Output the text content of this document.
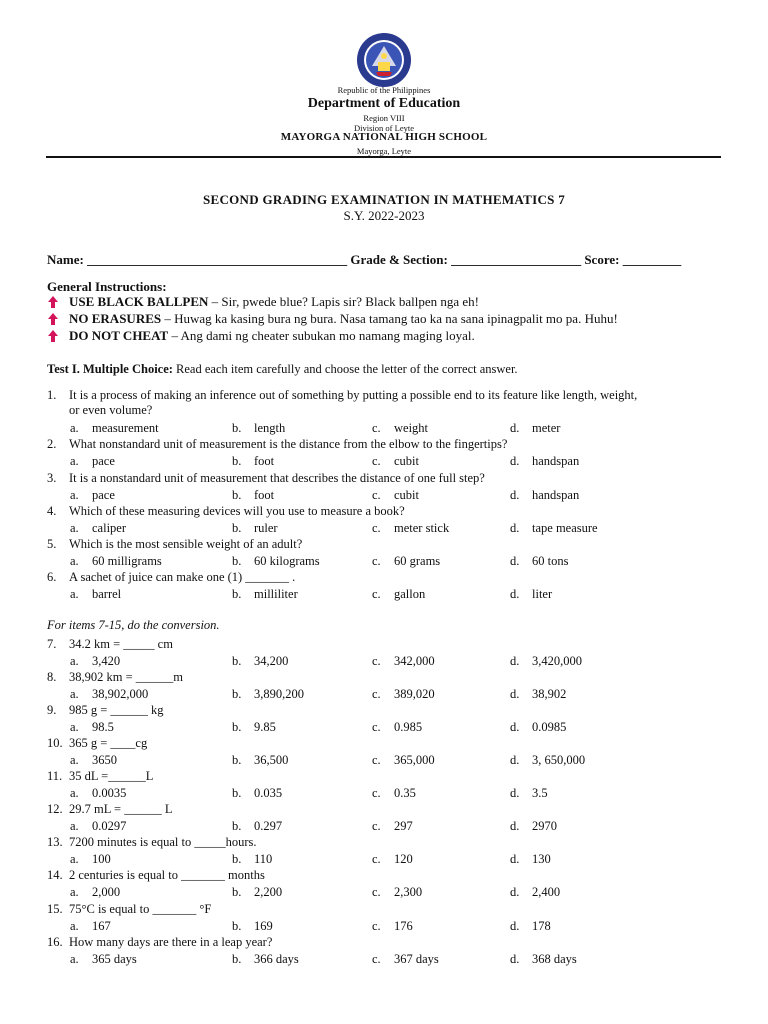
Republic of the Philippines
Department of Education
Region VIII
Division of Leyte
MAYORGA NATIONAL HIGH SCHOOL
Mayorga, Leyte
SECOND GRADING EXAMINATION IN MATHEMATICS 7
S.Y. 2022-2023
Name: ________________________________________ Grade & Section: ____________________ Score: _________
General Instructions:
USE BLACK BALLPEN – Sir, pwede blue? Lapis sir? Black ballpen nga eh!
NO ERASURES – Huwag ka kasing bura ng bura. Nasa tamang tao ka na sana ipinagpalit mo pa. Huhu!
DO NOT CHEAT – Ang dami ng cheater subukan mo namang maging loyal.
Test I. Multiple Choice: Read each item carefully and choose the letter of the correct answer.
For items 7-15, do the conversion.
1. It is a process of making an inference out of something by putting a possible end to its feature like length, weight,
or even volume?
a. measurement	b. length	c. weight	d. meter
2. What nonstandard unit of measurement is the distance from the elbow to the fingertips?
a. pace	b. foot	c. cubit	d. handspan
3. It is a nonstandard unit of measurement that describes the distance of one full step?
a. pace	b. foot	c. cubit	d. handspan
4. Which of these measuring devices will you use to measure a book?
a. caliper	b. ruler	c. meter stick	d. tape measure
5. Which is the most sensible weight of an adult?
a. 60 milligrams	b. 60 kilograms	c. 60 grams	d. 60 tons
6. A sachet of juice can make one (1) _______ .
a. barrel	b. milliliter	c. gallon	d. liter
7. 34.2 km = _____ cm
a. 3,420	b. 34,200	c. 342,000	d. 3,420,000
8. 38,902 km = ______m
a. 38,902,000	b. 3,890,200	c. 389,020	d. 38,902
9. 985 g = ______ kg
a. 98.5	b. 9.85	c. 0.985	d. 0.0985
10. 365 g = ____cg
a. 3650	b. 36,500	c. 365,000	d. 3, 650,000
11. 35 dL =______L
a. 0.0035	b. 0.035	c. 0.35	d. 3.5
12. 29.7 mL = ______ L
a. 0.0297	b. 0.297	c. 297	d. 2970
13. 7200 minutes is equal to _____hours.
a. 100	b. 110	c. 120	d. 130
14. 2 centuries is equal to _______ months
a. 2,000	b. 2,200	c. 2,300	d. 2,400
15. 75°C is equal to _______ °F
a. 167	b. 169	c. 176	d. 178
16. How many days are there in a leap year?
a. 365 days	b. 366 days	c. 367 days	d. 368 days
